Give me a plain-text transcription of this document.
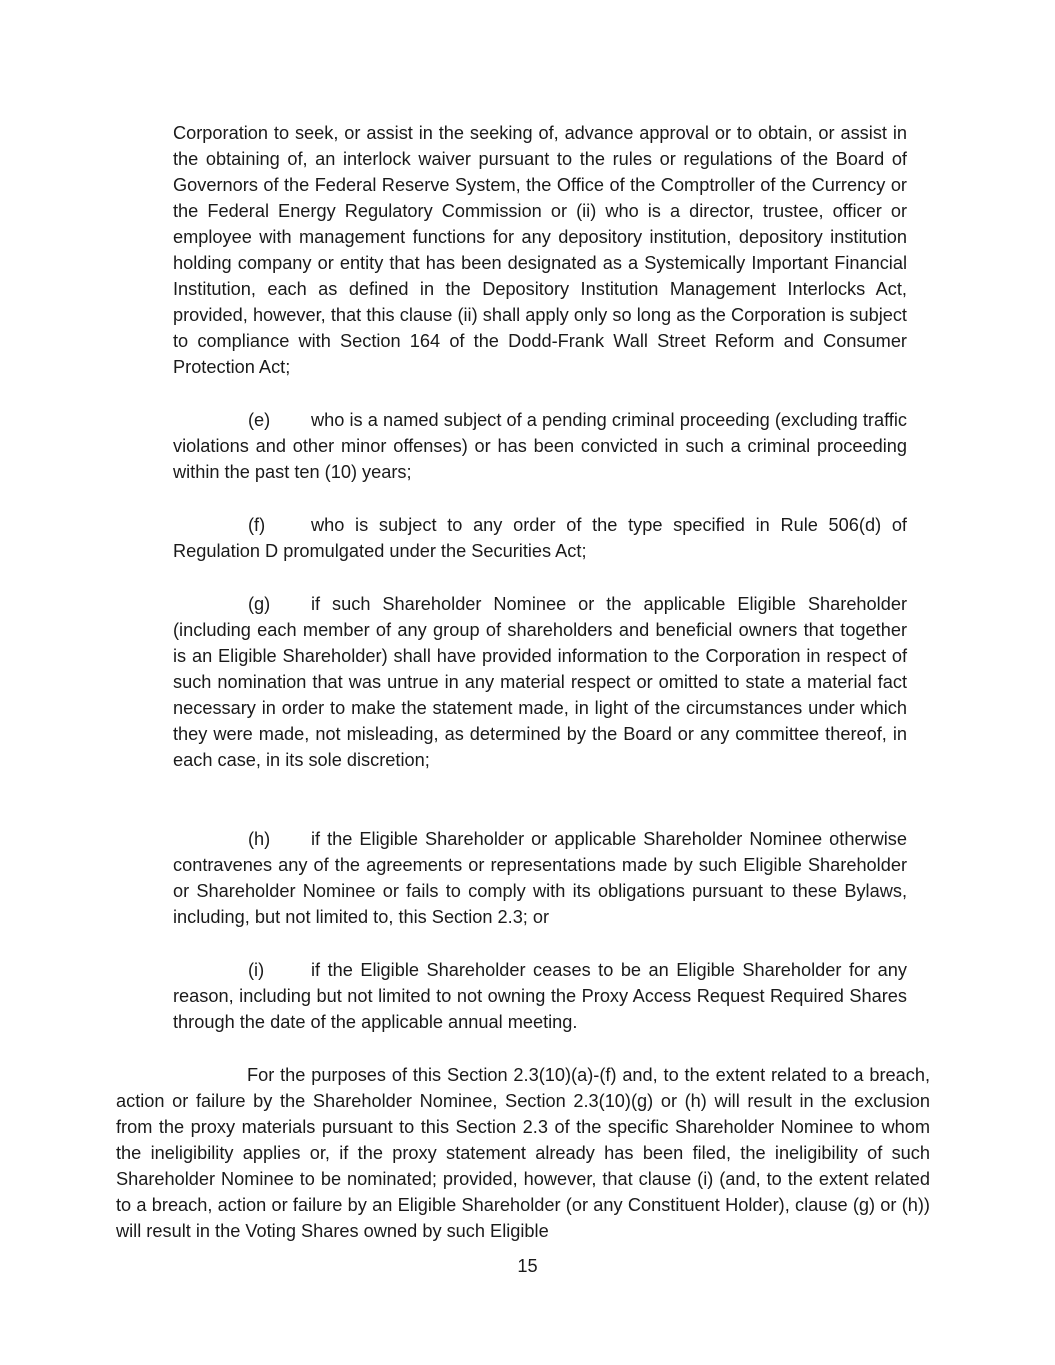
Corporation to seek, or assist in the seeking of, advance approval or to obtain, or assist in the obtaining of, an interlock waiver pursuant to the rules or regulations of the Board of Governors of the Federal Reserve System, the Office of the Comptroller of the Currency or the Federal Energy Regulatory Commission or (ii) who is a director, trustee, officer or employee with management functions for any depository institution, depository institution holding company or entity that has been designated as a Systemically Important Financial Institution, each as defined in the Depository Institution Management Interlocks Act, provided, however, that this clause (ii) shall apply only so long as the Corporation is subject to compliance with Section 164 of the Dodd-Frank Wall Street Reform and Consumer Protection Act;

(e) who is a named subject of a pending criminal proceeding (excluding traffic violations and other minor offenses) or has been convicted in such a criminal proceeding within the past ten (10) years;

(f)	who is subject to any order of the type specified in Rule 506(d) of Regulation D promulgated under the Securities Act;

(g) if such Shareholder Nominee or the applicable Eligible Shareholder (including each member of any group of shareholders and beneficial owners that together is an Eligible Shareholder) shall have provided information to the Corporation in respect of such nomination that was untrue in any material respect or omitted to state a material fact necessary in order to make the statement made, in light of the circumstances under which they were made, not misleading, as determined by the Board or any committee thereof, in each case, in its sole discretion;

(h) if the Eligible Shareholder or applicable Shareholder Nominee otherwise contravenes any of the agreements or representations made by such Eligible Shareholder or Shareholder Nominee or fails to comply with its obligations pursuant to these Bylaws, including, but not limited to, this Section 2.3; or

(i)	if the Eligible Shareholder ceases to be an Eligible Shareholder for any reason, including but not limited to not owning the Proxy Access Request Required Shares through the date of the applicable annual meeting.

For the purposes of this Section 2.3(10)(a)-(f) and, to the extent related to a breach, action or failure by the Shareholder Nominee, Section 2.3(10)(g) or (h) will result in the exclusion from the proxy materials pursuant to this Section 2.3 of the specific Shareholder Nominee to whom the ineligibility applies or, if the proxy statement already has been filed, the ineligibility of such Shareholder Nominee to be nominated; provided, however, that clause (i) (and, to the extent related to a breach, action or failure by an Eligible Shareholder (or any Constituent Holder), clause (g) or (h)) will result in the Voting Shares owned by such Eligible

15
